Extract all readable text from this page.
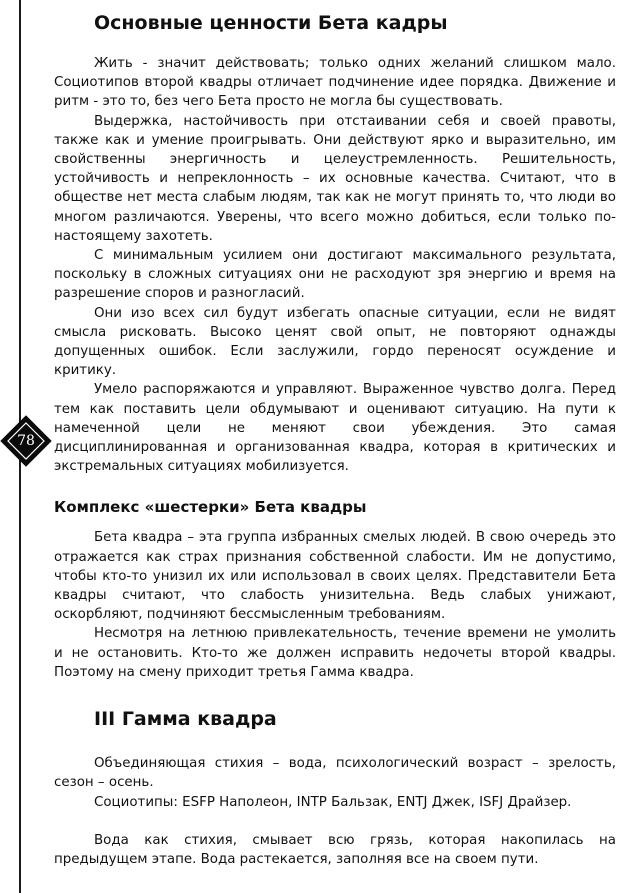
78
Основные ценности Бета кадры

Жить - значит действовать; только одних желаний слишком мало. Социотипов второй квадры отличает подчинение идее порядка. Движение и ритм - это то, без чего Бета просто не могла бы существовать.

Выдержка, настойчивость при отстаивании себя и своей правоты, также как и умение проигрывать. Они действуют ярко и выразительно, им свойственны энергичность и целеустремленность. Решительность, устойчивость и непреклонность – их основные качества. Считают, что в обществе нет места слабым людям, так как не могут принять то, что люди во многом различаются. Уверены, что всего можно добиться, если только по-настоящему захотеть.

С минимальным усилием они достигают максимального результата, поскольку в сложных ситуациях они не расходуют зря энергию и время на разрешение споров и разногласий.

Они изо всех сил будут избегать опасные ситуации, если не видят смысла рисковать. Высоко ценят свой опыт, не повторяют однажды допущенных ошибок. Если заслужили, гордо переносят осуждение и критику.

Умело распоряжаются и управляют. Выраженное чувство долга. Перед тем как поставить цели обдумывают и оценивают ситуацию. На пути к намеченной цели не меняют свои убеждения. Это самая дисциплинированная и организованная квадра, которая в критических и экстремальных ситуациях мобилизуется.

Комплекс «шестерки» Бета квадры

Бета квадра – эта группа избранных смелых людей. В свою очередь это отражается как страх признания собственной слабости. Им не допустимо, чтобы кто-то унизил их или использовал в своих целях. Представители Бета квадры считают, что слабость унизительна. Ведь слабых унижают, оскорбляют, подчиняют бессмысленным требованиям.

Несмотря на летнюю привлекательность, течение времени не умолить и не остановить. Кто-то же должен исправить недочеты второй квадры. Поэтому на смену приходит третья Гамма квадра.

III Гамма квадра

Объединяющая стихия – вода, психологический возраст – зрелость, сезон – осень.

Социотипы: ESFP Наполеон, INTP Бальзак, ENTJ Джек, ISFJ Драйзер.

Вода как стихия, смывает всю грязь, которая накопилась на предыдущем этапе. Вода растекается, заполняя все на своем пути.
